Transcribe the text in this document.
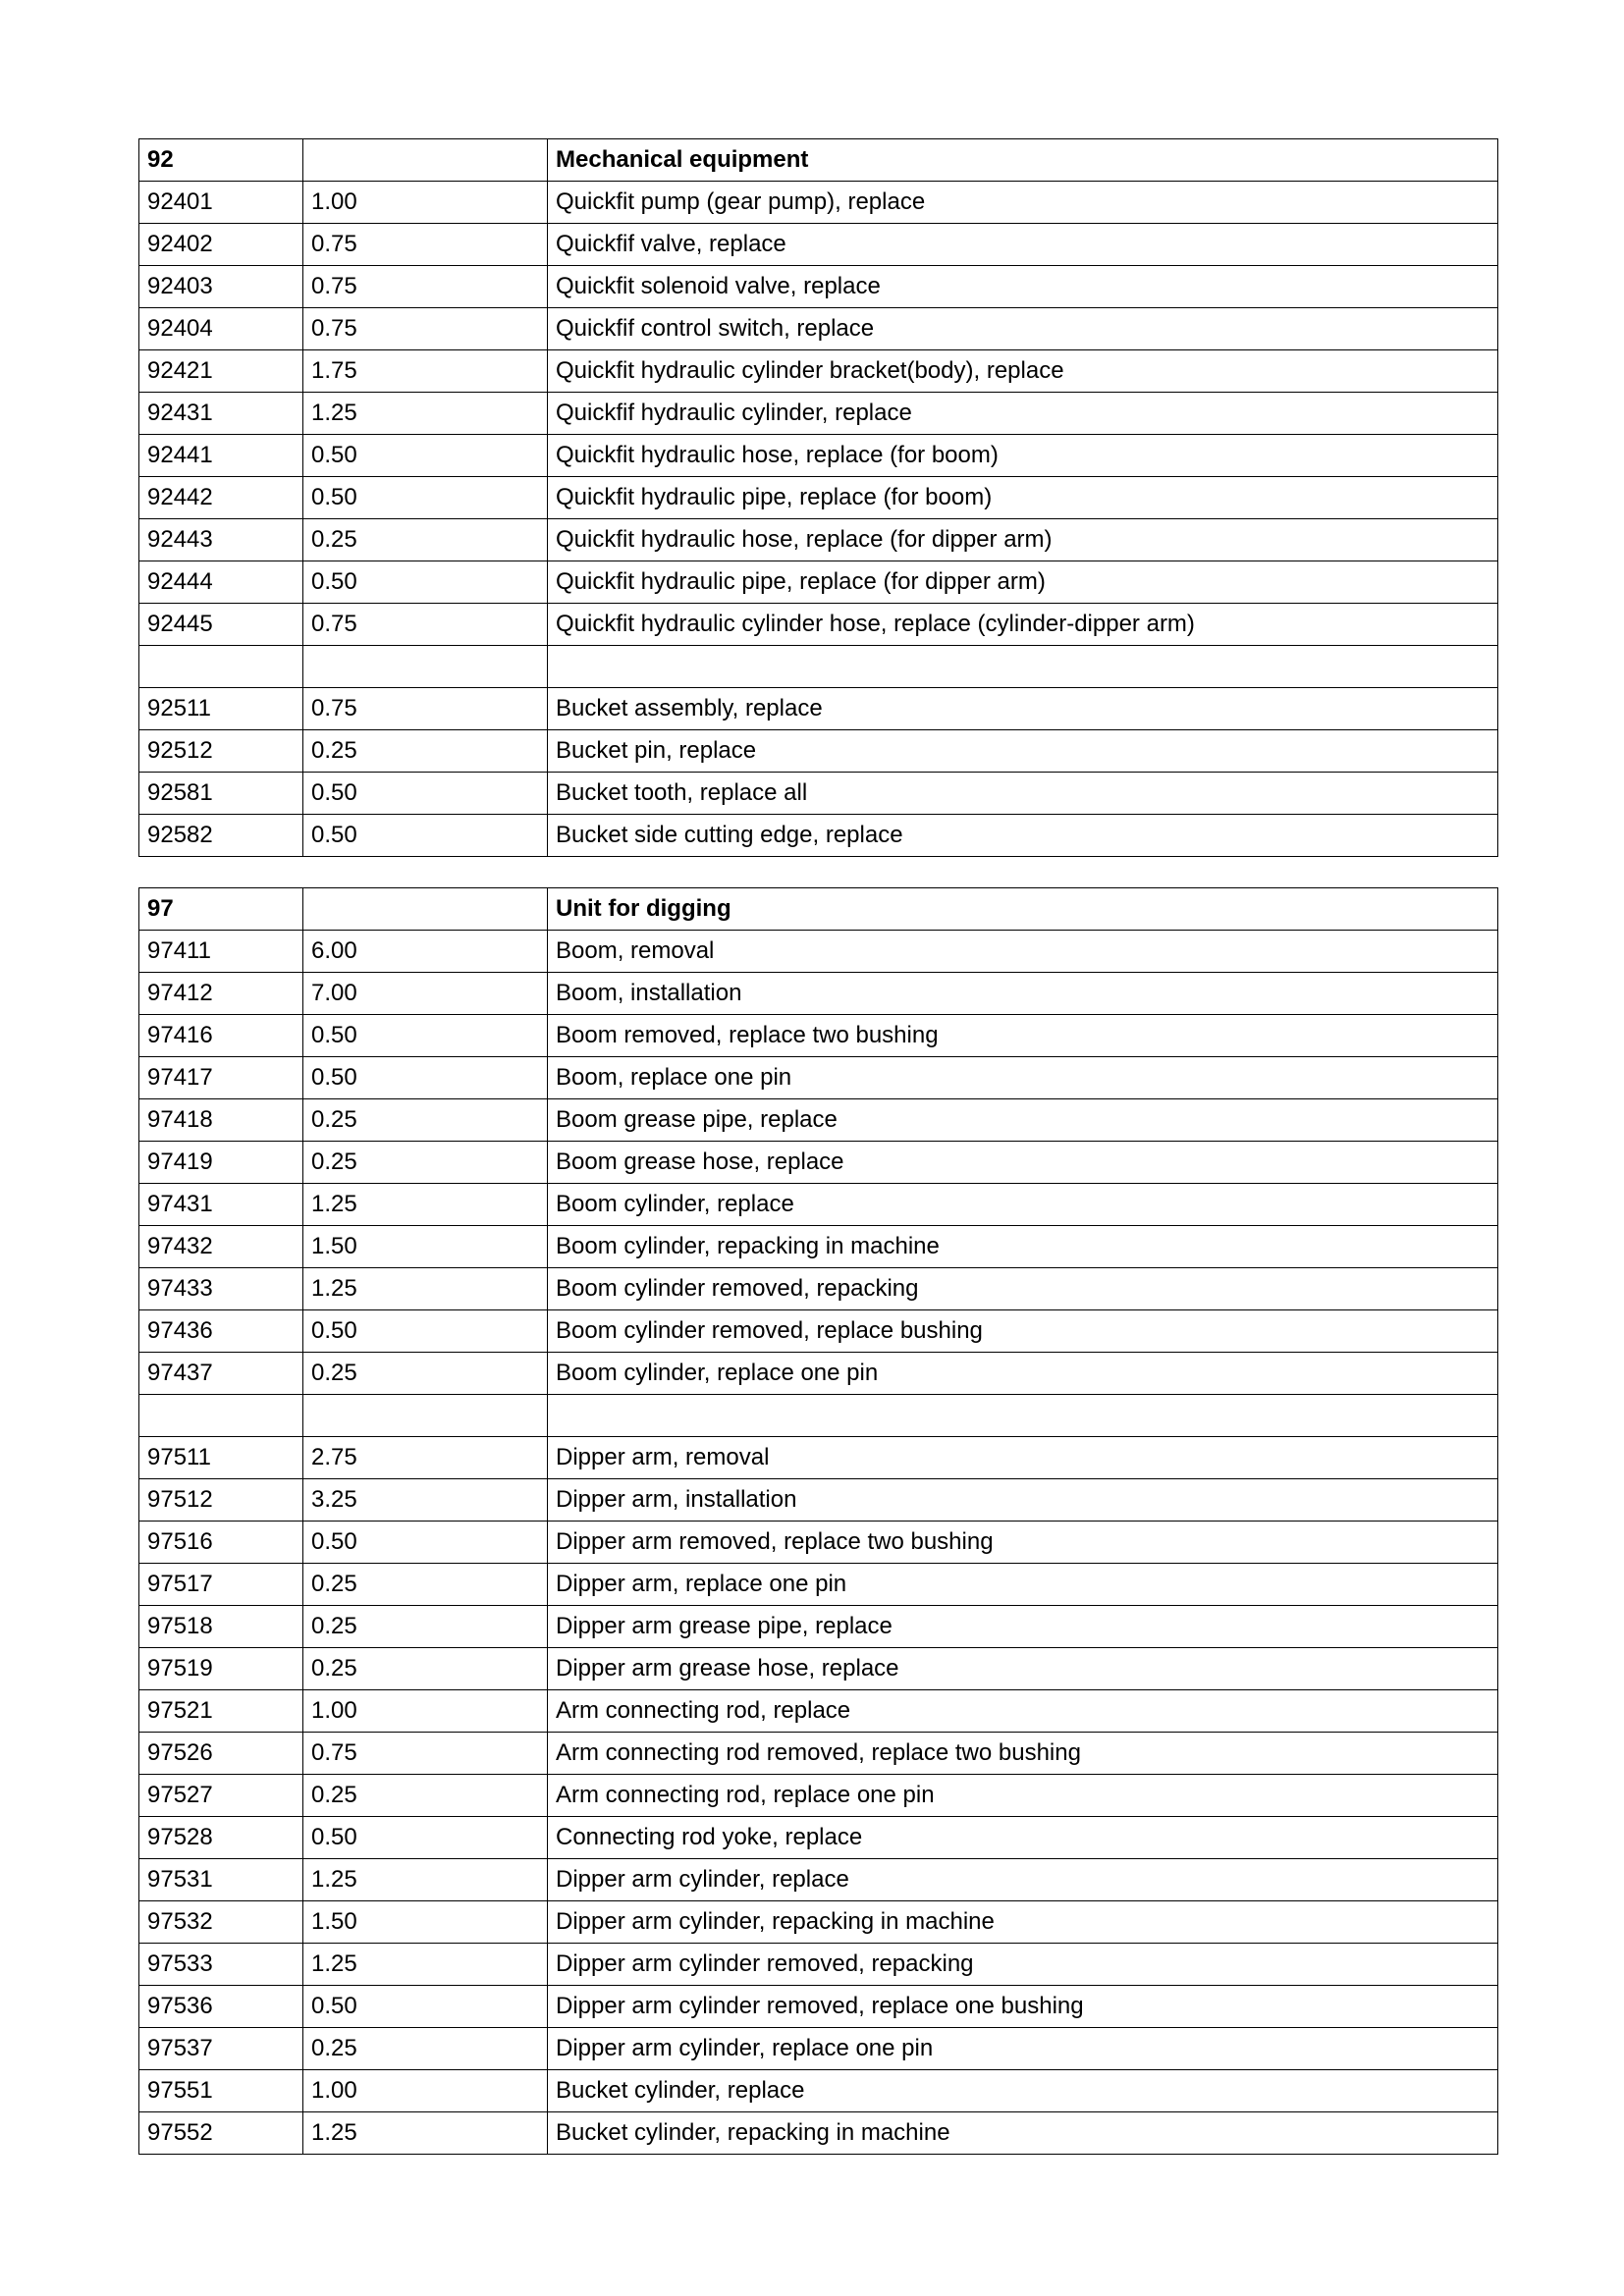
92		Mechanical equipment
92401	1.00	Quickfit pump (gear pump), replace
92402	0.75	Quickfif valve, replace
92403	0.75	Quickfit solenoid valve, replace
92404	0.75	Quickfif control switch, replace
92421	1.75	Quickfit hydraulic cylinder bracket(body), replace
92431	1.25	Quickfif hydraulic cylinder, replace
92441	0.50	Quickfit hydraulic hose, replace (for boom)
92442	0.50	Quickfit hydraulic pipe, replace (for boom)
92443	0.25	Quickfit hydraulic hose, replace (for dipper arm)
92444	0.50	Quickfit hydraulic pipe, replace (for dipper arm)
92445	0.75	Quickfit hydraulic cylinder hose, replace (cylinder-dipper arm)

92511	0.75	Bucket assembly, replace
92512	0.25	Bucket pin, replace
92581	0.50	Bucket tooth, replace all
92582	0.50	Bucket side cutting edge, replace
97		Unit for digging
97411	6.00	Boom, removal
97412	7.00	Boom, installation
97416	0.50	Boom removed, replace two bushing
97417	0.50	Boom, replace one pin
97418	0.25	Boom grease pipe, replace
97419	0.25	Boom grease hose, replace
97431	1.25	Boom cylinder, replace
97432	1.50	Boom cylinder, repacking in machine
97433	1.25	Boom cylinder removed, repacking
97436	0.50	Boom cylinder removed, replace bushing
97437	0.25	Boom cylinder, replace one pin

97511	2.75	Dipper arm, removal
97512	3.25	Dipper arm, installation
97516	0.50	Dipper arm removed, replace two bushing
97517	0.25	Dipper arm, replace one pin
97518	0.25	Dipper arm grease pipe, replace
97519	0.25	Dipper arm grease hose, replace
97521	1.00	Arm connecting rod, replace
97526	0.75	Arm connecting rod removed, replace two bushing
97527	0.25	Arm connecting rod, replace one pin
97528	0.50	Connecting rod yoke, replace
97531	1.25	Dipper arm cylinder, replace
97532	1.50	Dipper arm cylinder, repacking in machine
97533	1.25	Dipper arm cylinder removed, repacking
97536	0.50	Dipper arm cylinder removed, replace one bushing
97537	0.25	Dipper arm cylinder, replace one pin
97551	1.00	Bucket cylinder, replace
97552	1.25	Bucket cylinder, repacking in machine
